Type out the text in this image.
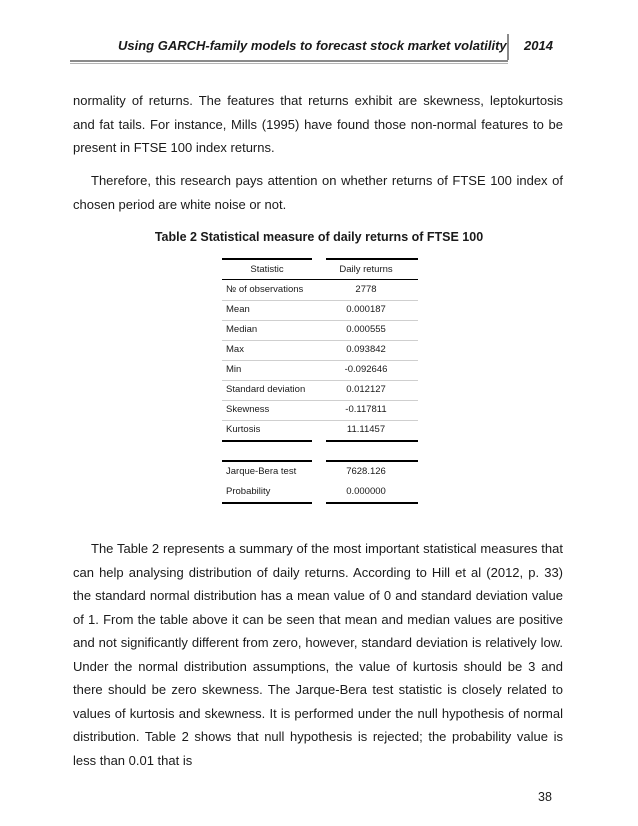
Using GARCH-family models to forecast stock market volatility 2014

normality of returns. The features that returns exhibit are skewness, leptokurtosis and fat tails. For instance, Mills (1995) have found those non-normal features to be present in FTSE 100 index returns.

Therefore, this research pays attention on whether returns of FTSE 100 index of chosen period are white noise or not.

Table 2 Statistical measure of daily returns of FTSE 100
Statistic	Daily returns
№ of observations	2778
Mean	0.000187
Median	0.000555
Max	0.093842
Min	-0.092646
Standard deviation	0.012127
Skewness	-0.117811
Kurtosis	11.11457
Jarque-Bera test	7628.126
Probability	0.000000

The Table 2 represents a summary of the most important statistical measures that can help analysing distribution of daily returns. According to Hill et al (2012, p. 33) the standard normal distribution has a mean value of 0 and standard deviation value of 1. From the table above it can be seen that mean and median values are positive and not significantly different from zero, however, standard deviation is relatively low. Under the normal distribution assumptions, the value of kurtosis should be 3 and there should be zero skewness. The Jarque-Bera test statistic is closely related to values of kurtosis and skewness. It is performed under the null hypothesis of normal distribution. Table 2 shows that null hypothesis is rejected; the probability value is less than 0.01 that is

38
